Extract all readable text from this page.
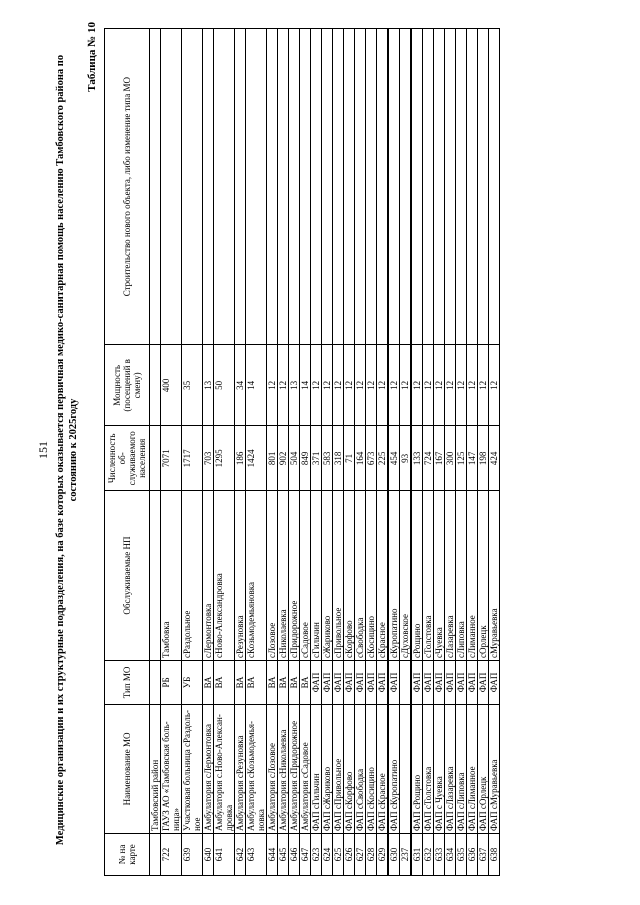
151 Медицинские организации и их структурные подразделения, на базе которых оказывается первичная медико-санитарная помощь населению Тамбовского района по состоянию к 2025году
Таблица № 10
№ на карте	Наименование МО	Тип МО	Обслуживаемые НП	Численность об-служиваемого населения	Мощность (посещений в смену)	Строительство нового объекта, либо изменение типа МО
	Тамбовский район					
722	ГАУЗ АО «Тамбовская боль-ница»	РБ	Тамбовка	7071	400	
639	Участковая больница сРаздоль-ное	УБ	сРаздольное	1717	35	
640	Амбулатория сЛермонтовка	ВА	сЛермонтовка	703	13	
641	Амбулатория с.Ново-Алексан-дровка	ВА	сНово-Александровка	1295	50	
642	Амбулатория сРезуновка	ВА	сРезуновка	186	34	
643	Амбулатория сКозьмодемья-новка	ВА	сКозьмодемьяновка	1424	14	
644	Амбулатория сЛозовое	ВА	сЛозовое	801	12	
645	Амбулатория сНиколаевка	ВА	сНиколаевка	902	12	
646	Амбулатория сПридорожное	ВА	сПридорожное	504	13	
647	Амбулатория сСадовое	ВА	сСадовое	849	14	
623	ФАП сГильчин	ФАП	сГильчин	371	12	
624	ФАП сЖариково	ФАП	сЖариково	583	12	
625	ФАП сПривольное	ФАП	сПривольное	318	12	
626	ФАП сКорфово	ФАП	сКорфово	71	12	
627	ФАП сСвободка	ФАП	сСвободка	164	12	
628	ФАП сКосицино	ФАП	сКосицино	673	12	
629	ФАП сКрасное	ФАП	сКрасное	225	12	
630	ФАП сКуропатино	ФАП	сКуропатино	454	12	
237			сДуховское	93	12	
631	ФАП сРощино	ФАП	сРощино	133	12	
632	ФАП сТолстовка	ФАП	сТолстовка	724	12	
633	ФАП с Чуевка	ФАП	сЧуевка	167	12	
634	ФАП сЛазаревка	ФАП	сЛазаревка	300	12	
635	ФАП сЛиповка	ФАП	сЛиповка	125	12	
636	ФАП сЛиманное	ФАП	сЛиманное	147	12	
637	ФАП сОрлецк	ФАП	сОрлецк	198	12	
638	ФАП сМуравьевка	ФАП	сМуравьевка	424	12	
